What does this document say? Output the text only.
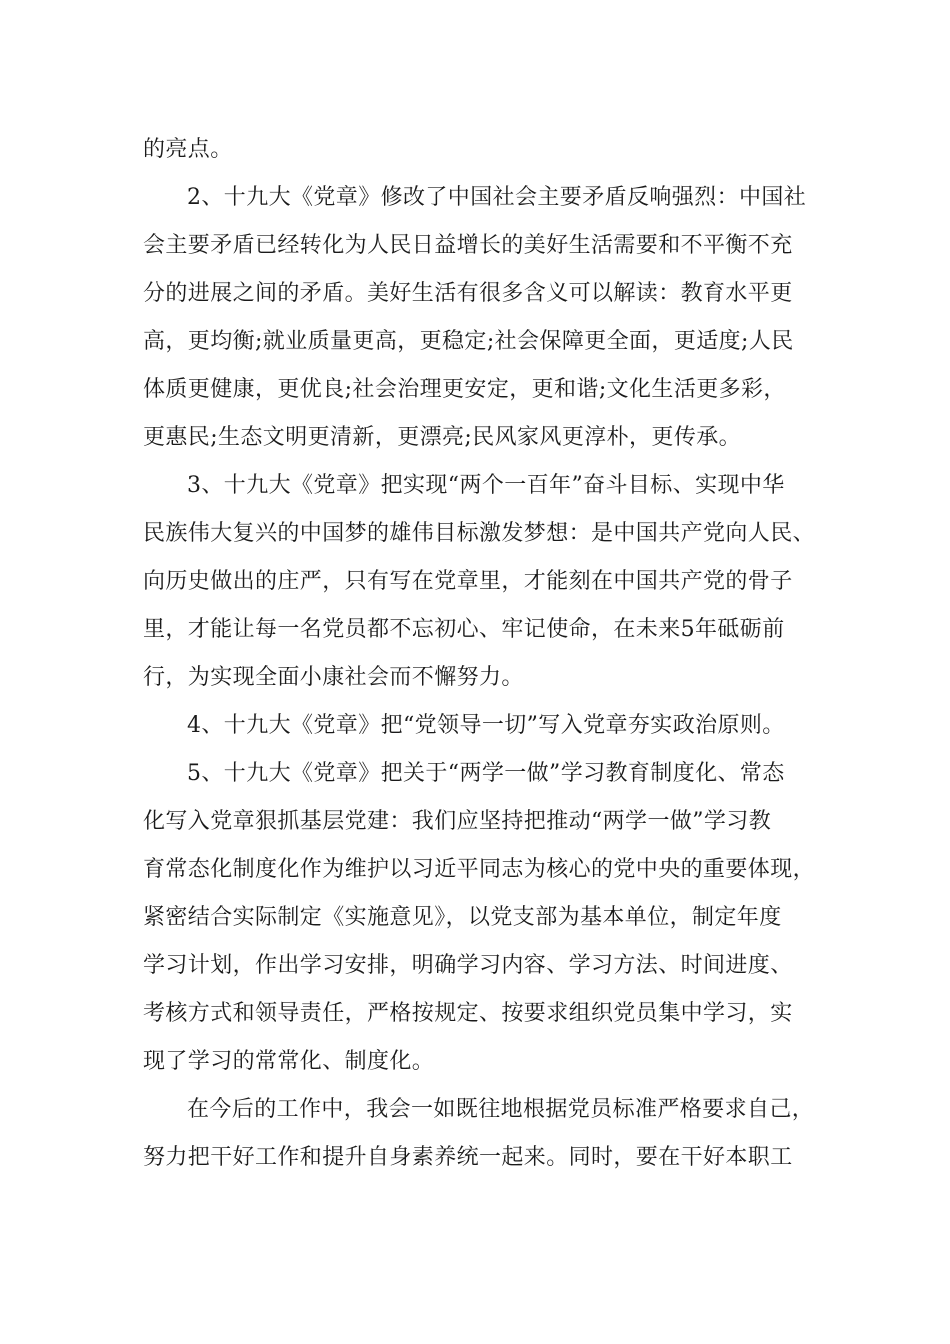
的亮点。
2、十九大《党章》修改了中国社会主要矛盾反响强烈：中国社
会主要矛盾已经转化为人民日益增长的美好生活需要和不平衡不充
分的进展之间的矛盾。美好生活有很多含义可以解读：教育水平更
高，更均衡;就业质量更高，更稳定;社会保障更全面，更适度;人民
体质更健康，更优良;社会治理更安定，更和谐;文化生活更多彩，
更惠民;生态文明更清新，更漂亮;民风家风更淳朴，更传承。
3、十九大《党章》把实现“两个一百年”奋斗目标、实现中华
民族伟大复兴的中国梦的雄伟目标激发梦想：是中国共产党向人民、
向历史做出的庄严，只有写在党章里，才能刻在中国共产党的骨子
里，才能让每一名党员都不忘初心、牢记使命，在未来5年砥砺前
行，为实现全面小康社会而不懈努力。
4、十九大《党章》把“党领导一切”写入党章夯实政治原则。
5、十九大《党章》把关于“两学一做”学习教育制度化、常态
化写入党章狠抓基层党建：我们应坚持把推动“两学一做”学习教
育常态化制度化作为维护以习近平同志为核心的党中央的重要体现，
紧密结合实际制定《实施意见》，以党支部为基本单位，制定年度
学习计划，作出学习安排，明确学习内容、学习方法、时间进度、
考核方式和领导责任，严格按规定、按要求组织党员集中学习，实
现了学习的常常化、制度化。
在今后的工作中，我会一如既往地根据党员标准严格要求自己，
努力把干好工作和提升自身素养统一起来。同时，要在干好本职工
